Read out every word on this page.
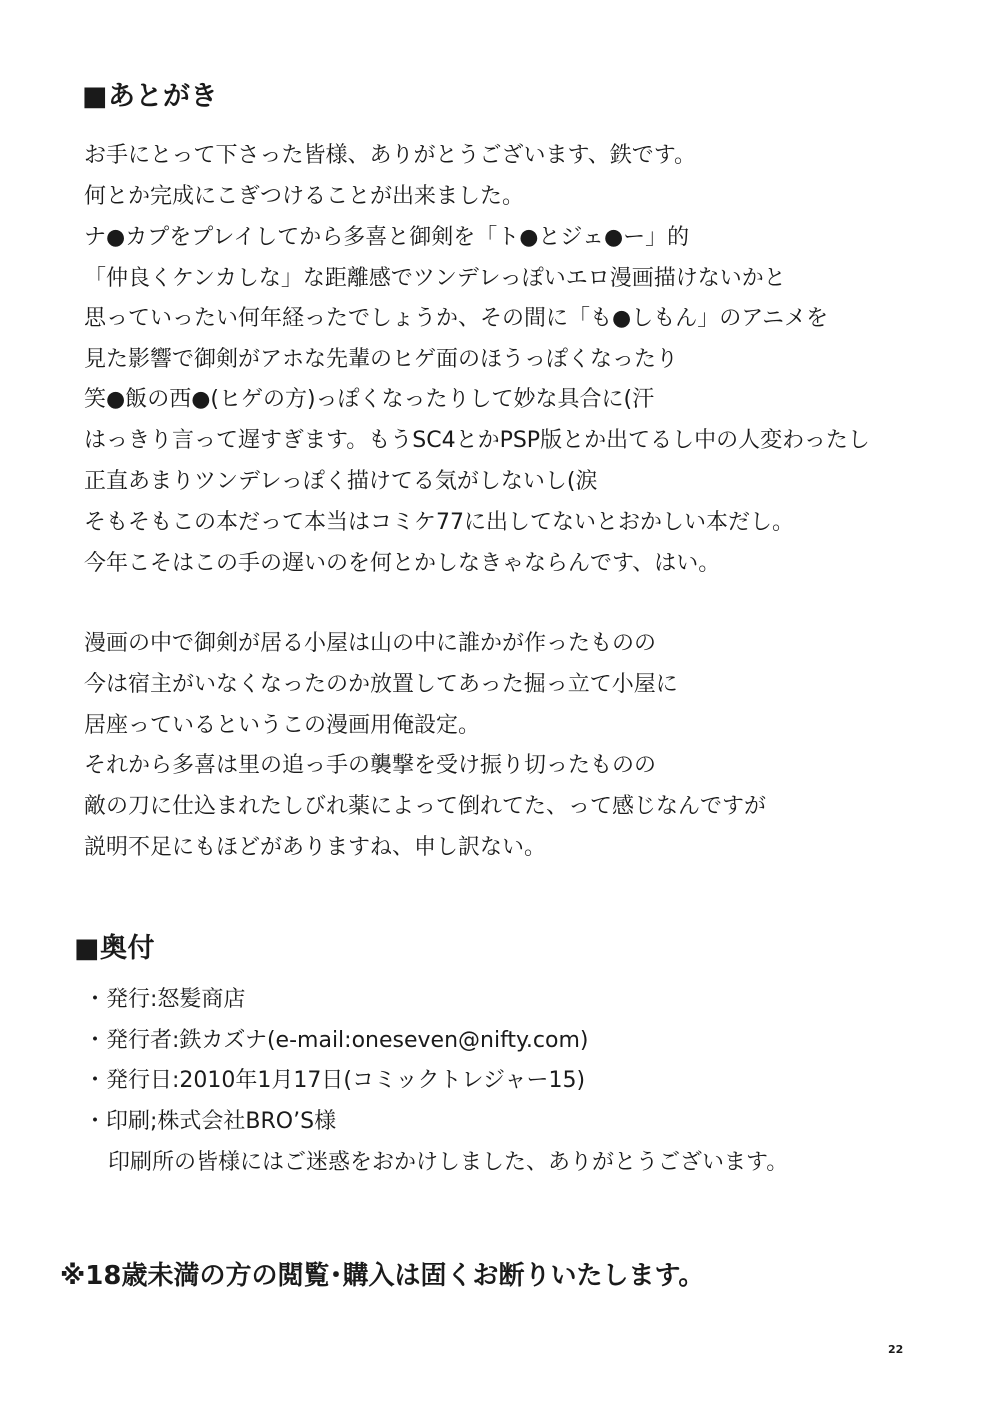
■あとがき
お手にとって下さった皆様、ありがとうございます、鉄です。
何とか完成にこぎつけることが出来ました。
ナ●カプをプレイしてから多喜と御剣を「ト●とジェ●ー」的
「仲良くケンカしな」な距離感でツンデレっぽいエロ漫画描けないかと
思っていったい何年経ったでしょうか、その間に「も●しもん」のアニメを
見た影響で御剣がアホな先輩のヒゲ面のほうっぽくなったり
笑●飯の西●(ヒゲの方)っぽくなったりして妙な具合に(汗
はっきり言って遅すぎます。もうSC4とかPSP版とか出てるし中の人変わったし
正直あまりツンデレっぽく描けてる気がしないし(涙
そもそもこの本だって本当はコミケ77に出してないとおかしい本だし。
今年こそはこの手の遅いのを何とかしなきゃならんです、はい。
漫画の中で御剣が居る小屋は山の中に誰かが作ったものの
今は宿主がいなくなったのか放置してあった掘っ立て小屋に
居座っているというこの漫画用俺設定。
それから多喜は里の追っ手の襲撃を受け振り切ったものの
敵の刀に仕込まれたしびれ薬によって倒れてた、って感じなんですが
説明不足にもほどがありますね、申し訳ない。
■奥付
・発行:怒髪商店
・発行者:鉄カズナ(e-mail:oneseven@nifty.com)
・発行日:2010年1月17日(コミックトレジャー15)
・印刷;株式会社BRO’S様
印刷所の皆様にはご迷惑をおかけしました、ありがとうございます。
※18歳未満の方の閲覧･購入は固くお断りいたします。
22
